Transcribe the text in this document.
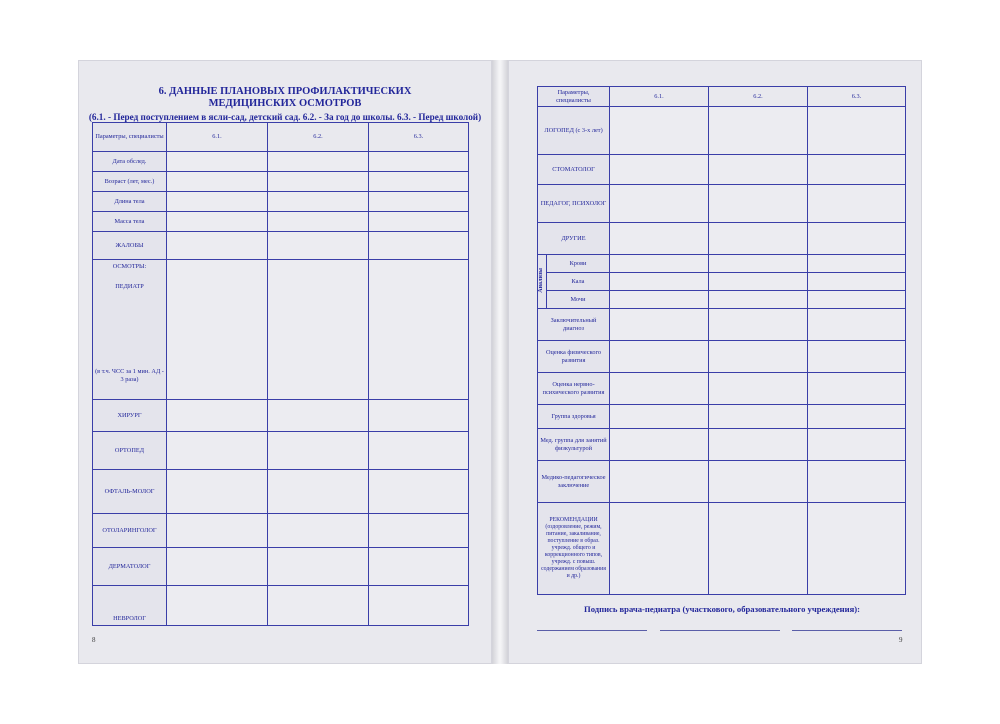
6. ДАННЫЕ ПЛАНОВЫХ ПРОФИЛАКТИЧЕСКИХ
МЕДИЦИНСКИХ ОСМОТРОВ
(6.1. - Перед поступлением в ясли-сад, детский сад. 6.2. - За год до школы. 6.3. - Перед школой)
Параметры, специалисты	6.1.	6.2.	6.3.
Дата обслед.			
Возраст (лет, мес.)			
Длина тела			
Масса тела			
ЖАЛОБЫ			

ОСМОТРЫ:
ПЕДИАТР
(в т.ч. ЧСС за 1 мин. АД - 3 раза)			

ХИРУРГ			
ОРТОПЕД			
ОФТАЛЬ-МОЛОГ			
ОТОЛАРИНГОЛОГ			
ДЕРМАТОЛОГ			
НЕВРОЛОГ			
8
Параметры, специалисты		6.1.	6.2.	6.3.
ЛОГОПЕД (с 3-х лет)				
СТОМАТОЛОГ				
ПЕДАГОГ, ПСИХОЛОГ				
ДРУГИЕ				
Анализы	Крови			
	Кала			
	Мочи			
Заключительный диагноз				
Оценка физического развития				
Оценка нервно-психического развития				
Группа здоровья				
Мед. группа для занятий физкультурой				
Медико-педагогическое заключение				
РЕКОМЕНДАЦИИ (оздоровление, режим, питание, закаливание, поступление в образ. учрежд. общего и коррекционного типов, учрежд. с повыш. содержанием образования и др.)				
Подпись врача-педиатра (участкового, образовательного учреждения):
9
